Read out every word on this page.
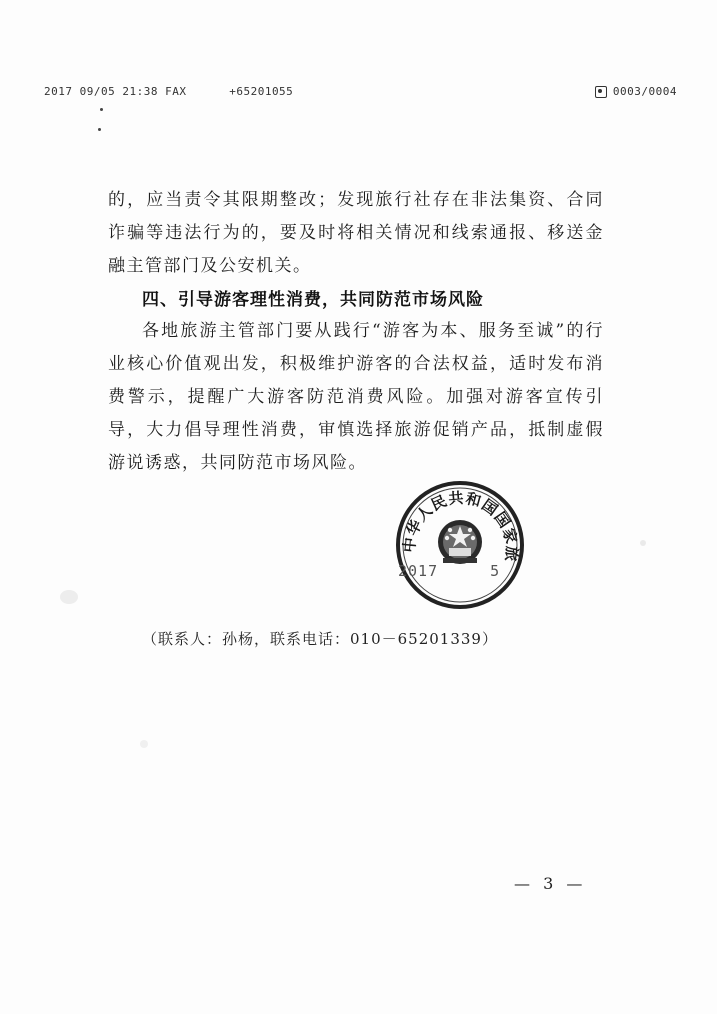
2017 09/05 21:38 FAX	+65201055	0003/0004

的，应当责令其限期整改；发现旅行社存在非法集资、合同诈骗等违法行为的，要及时将相关情况和线索通报、移送金融主管部门及公安机关。

四、引导游客理性消费，共同防范市场风险

各地旅游主管部门要从践行“游客为本、服务至诚”的行业核心价值观出发，积极维护游客的合法权益，适时发布消费警示，提醒广大游客防范消费风险。加强对游客宣传引导，大力倡导理性消费，审慎选择旅游促销产品，抵制虚假游说诱惑，共同防范市场风险。

中华人民共和国国家旅
2017	5
（联系人：孙杨，联系电话：010－65201339）
— 3 —
